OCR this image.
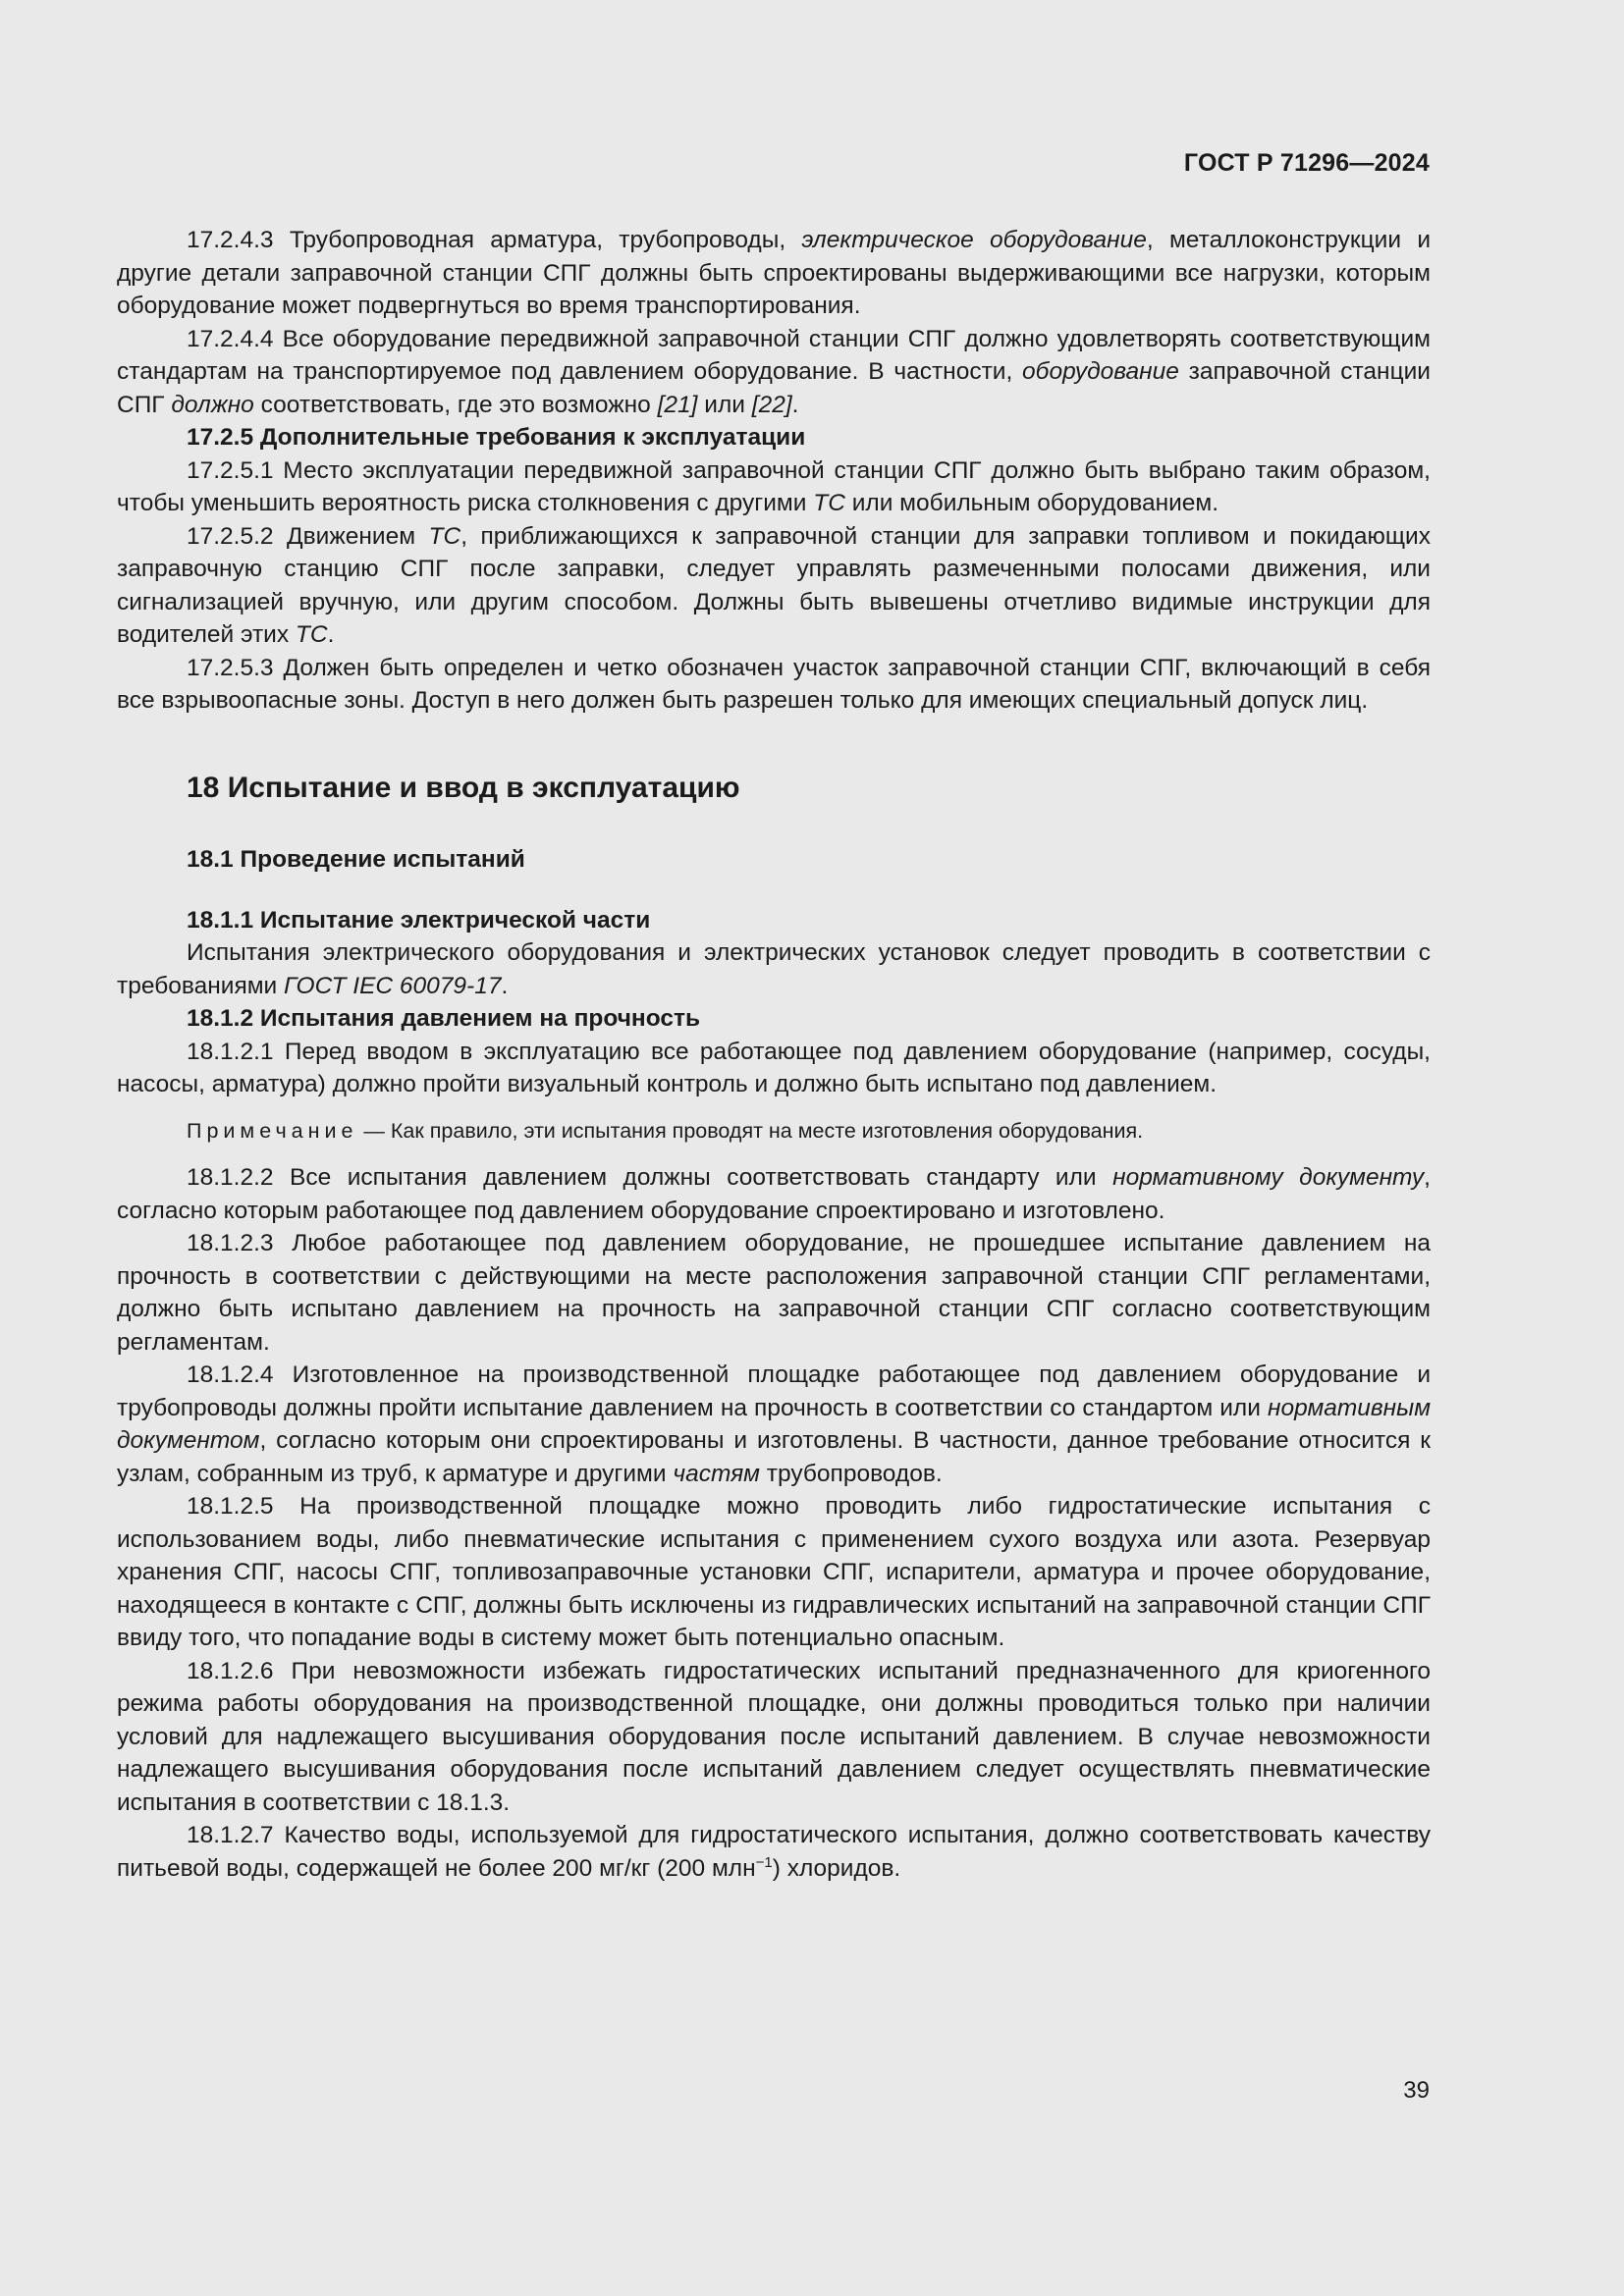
ГОСТ Р 71296—2024

17.2.4.3 Трубопроводная арматура, трубопроводы, электрическое оборудование, металлоконструкции и другие детали заправочной станции СПГ должны быть спроектированы выдерживающими все нагрузки, которым оборудование может подвергнуться во время транспортирования.

17.2.4.4 Все оборудование передвижной заправочной станции СПГ должно удовлетворять соответствующим стандартам на транспортируемое под давлением оборудование. В частности, оборудование заправочной станции СПГ должно соответствовать, где это возможно [21] или [22].

17.2.5 Дополнительные требования к эксплуатации

17.2.5.1 Место эксплуатации передвижной заправочной станции СПГ должно быть выбрано таким образом, чтобы уменьшить вероятность риска столкновения с другими ТС или мобильным оборудованием.

17.2.5.2 Движением ТС, приближающихся к заправочной станции для заправки топливом и покидающих заправочную станцию СПГ после заправки, следует управлять размеченными полосами движения, или сигнализацией вручную, или другим способом. Должны быть вывешены отчетливо видимые инструкции для водителей этих ТС.

17.2.5.3 Должен быть определен и четко обозначен участок заправочной станции СПГ, включающий в себя все взрывоопасные зоны. Доступ в него должен быть разрешен только для имеющих специальный допуск лиц.

18 Испытание и ввод в эксплуатацию

18.1 Проведение испытаний

18.1.1 Испытание электрической части

Испытания электрического оборудования и электрических установок следует проводить в соответствии с требованиями ГОСТ IEC 60079-17.

18.1.2 Испытания давлением на прочность

18.1.2.1 Перед вводом в эксплуатацию все работающее под давлением оборудование (например, сосуды, насосы, арматура) должно пройти визуальный контроль и должно быть испытано под давлением.

Примечание — Как правило, эти испытания проводят на месте изготовления оборудования.

18.1.2.2 Все испытания давлением должны соответствовать стандарту или нормативному документу, согласно которым работающее под давлением оборудование спроектировано и изготовлено.

18.1.2.3 Любое работающее под давлением оборудование, не прошедшее испытание давлением на прочность в соответствии с действующими на месте расположения заправочной станции СПГ регламентами, должно быть испытано давлением на прочность на заправочной станции СПГ согласно соответствующим регламентам.

18.1.2.4 Изготовленное на производственной площадке работающее под давлением оборудование и трубопроводы должны пройти испытание давлением на прочность в соответствии со стандартом или нормативным документом, согласно которым они спроектированы и изготовлены. В частности, данное требование относится к узлам, собранным из труб, к арматуре и другими частям трубопроводов.

18.1.2.5 На производственной площадке можно проводить либо гидростатические испытания с использованием воды, либо пневматические испытания с применением сухого воздуха или азота. Резервуар хранения СПГ, насосы СПГ, топливозаправочные установки СПГ, испарители, арматура и прочее оборудование, находящееся в контакте с СПГ, должны быть исключены из гидравлических испытаний на заправочной станции СПГ ввиду того, что попадание воды в систему может быть потенциально опасным.

18.1.2.6 При невозможности избежать гидростатических испытаний предназначенного для криогенного режима работы оборудования на производственной площадке, они должны проводиться только при наличии условий для надлежащего высушивания оборудования после испытаний давлением. В случае невозможности надлежащего высушивания оборудования после испытаний давлением следует осуществлять пневматические испытания в соответствии с 18.1.3.

18.1.2.7 Качество воды, используемой для гидростатического испытания, должно соответствовать качеству питьевой воды, содержащей не более 200 мг/кг (200 млн$^{-1}$) хлоридов.

39
